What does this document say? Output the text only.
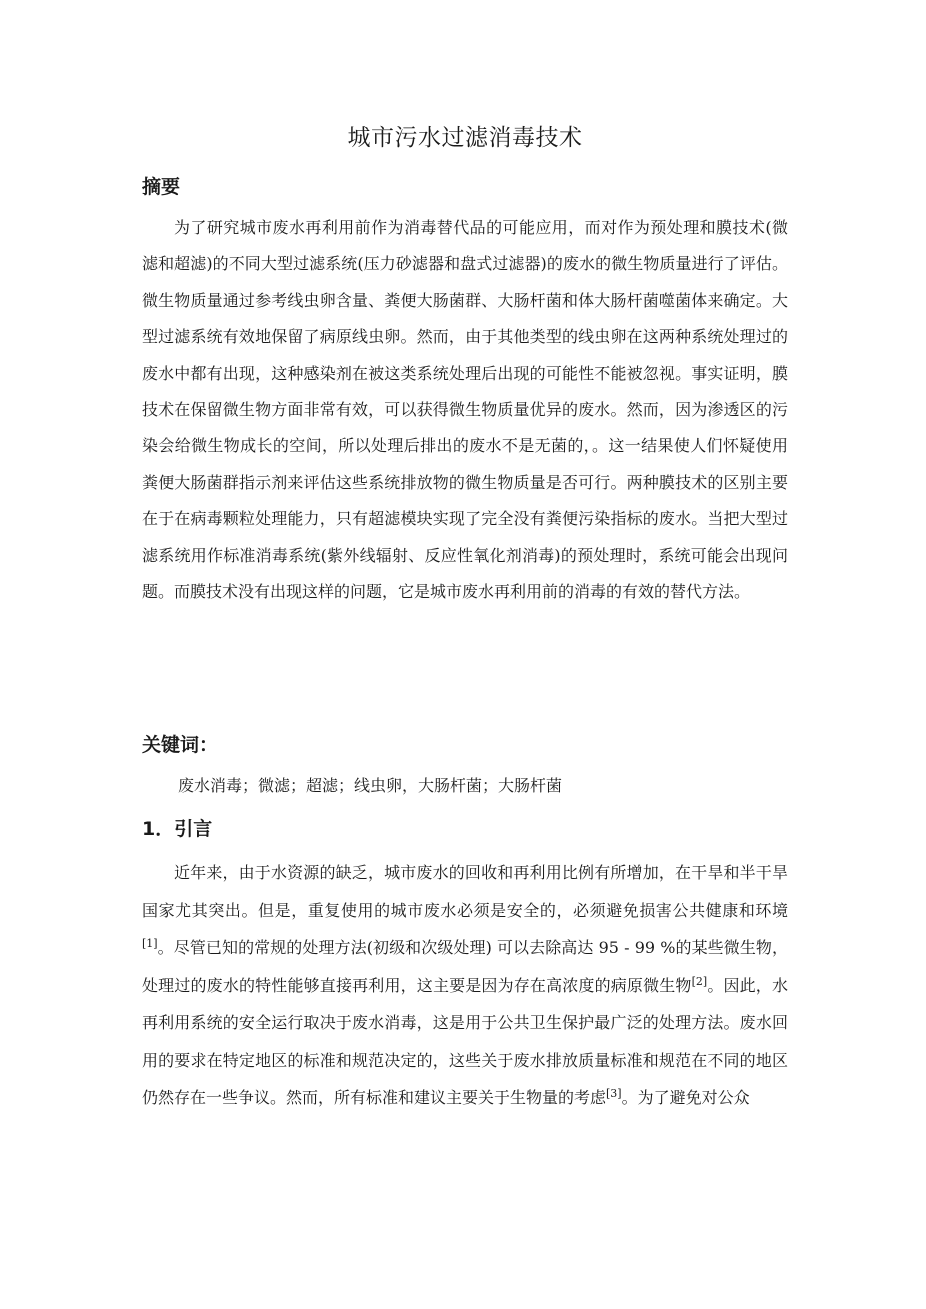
城市污水过滤消毒技术
摘要
为了研究城市废水再利用前作为消毒替代品的可能应用，而对作为预处理和膜技术(微滤和超滤)的不同大型过滤系统(压力砂滤器和盘式过滤器)的废水的微生物质量进行了评估。微生物质量通过参考线虫卵含量、粪便大肠菌群、大肠杆菌和体大肠杆菌噬菌体来确定。大型过滤系统有效地保留了病原线虫卵。然而，由于其他类型的线虫卵在这两种系统处理过的废水中都有出现，这种感染剂在被这类系统处理后出现的可能性不能被忽视。事实证明，膜技术在保留微生物方面非常有效，可以获得微生物质量优异的废水。然而，因为渗透区的污染会给微生物成长的空间，所以处理后排出的废水不是无菌的，。这一结果使人们怀疑使用粪便大肠菌群指示剂来评估这些系统排放物的微生物质量是否可行。两种膜技术的区别主要在于在病毒颗粒处理能力，只有超滤模块实现了完全没有粪便污染指标的废水。当把大型过滤系统用作标准消毒系统(紫外线辐射、反应性氧化剂消毒)的预处理时，系统可能会出现问题。而膜技术没有出现这样的问题，它是城市废水再利用前的消毒的有效的替代方法。
关键词：
废水消毒；微滤；超滤；线虫卵，大肠杆菌；大肠杆菌
1．引言
近年来，由于水资源的缺乏，城市废水的回收和再利用比例有所增加，在干旱和半干旱国家尤其突出。但是，重复使用的城市废水必须是安全的，必须避免损害公共健康和环境[1]。尽管已知的常规的处理方法(初级和次级处理) 可以去除高达 95 - 99 %的某些微生物，处理过的废水的特性能够直接再利用，这主要是因为存在高浓度的病原微生物[2]。因此，水再利用系统的安全运行取决于废水消毒，这是用于公共卫生保护最广泛的处理方法。废水回用的要求在特定地区的标准和规范决定的，这些关于废水排放质量标准和规范在不同的地区仍然存在一些争议。然而，所有标准和建议主要关于生物量的考虑[3]。为了避免对公众
